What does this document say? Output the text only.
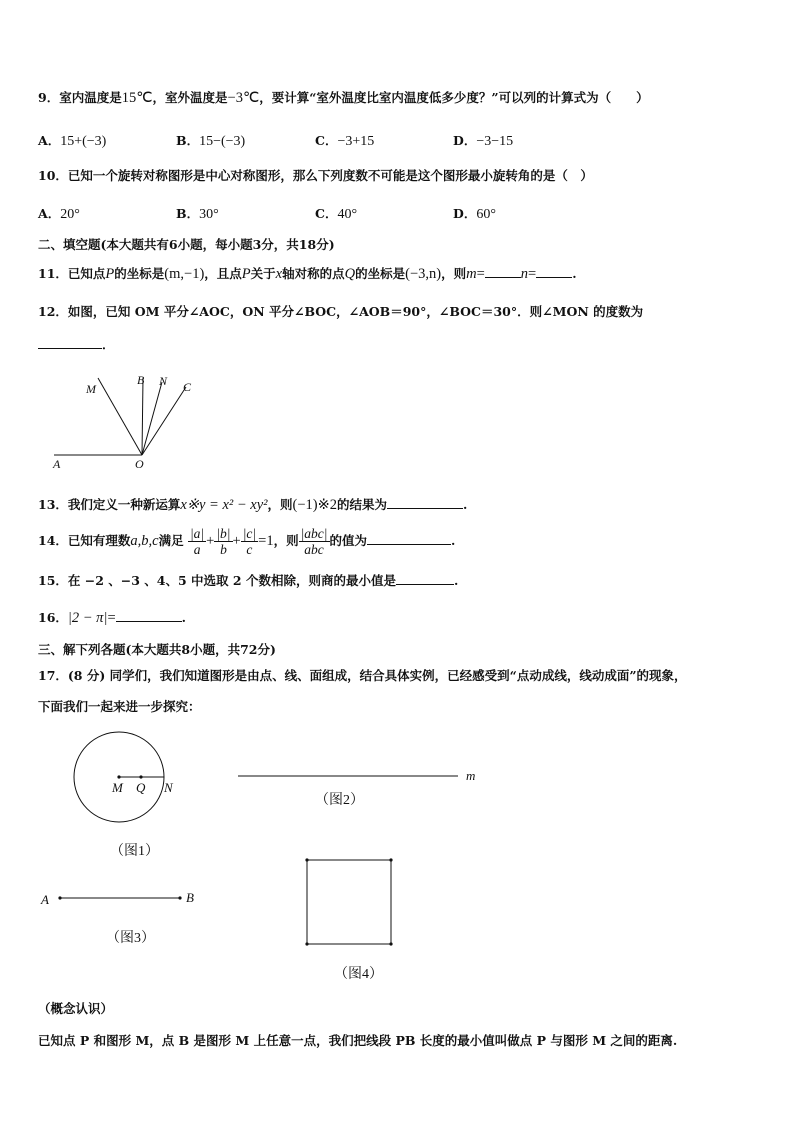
9．室内温度是15℃，室外温度是−3℃，要计算“室外温度比室内温度低多少度？”可以列的计算式为（　　）
A．15+(−3)	B．15−(−3)	C．−3+15	D．−3−15
10．已知一个旋转对称图形是中心对称图形，那么下列度数不可能是这个图形最小旋转角的是（　）
A．20°	B．30°	C．40°	D．60°
二、填空题(本大题共有6小题，每小题3分，共18分)
11．已知点P的坐标是(m,−1)，且点P关于x轴对称的点Q的坐标是(−3,n)，则m= n=	.
12．如图，已知 OM 平分∠AOC，ON 平分∠BOC，∠AOB＝90°，∠BOC＝30°．则∠MON 的度数为
．
M
B N C
A	O
13．我们定义一种新运算x※y = x² − xy²，则(−1)※2的结果为	.
14．已知有理数a,b,c满足 $\frac{|a|}{a} + \frac{|b|}{b} + \frac{|c|}{c} =1$，则 $\frac{\text{|abc|}}{\text{abc}}$ 的值为	.
15．在 −2 、−3 、4、5 中选取 2 个数相除，则商的最小值是	.
16．|2 − π|=	.
三、解下列各题(本大题共8小题，共72分)
17．(8 分) 同学们，我们知道图形是由点、线、面组成，结合具体实例，已经感受到“点动成线，线动成面”的现象，
下面我们一起来进一步探究：
M Q N
m
A	B
（图1）
（图2）
（图3）
（图4）
（概念认识）
已知点 P 和图形 M，点 B 是图形 M 上任意一点，我们把线段 PB 长度的最小值叫做点 P 与图形 M 之间的距离.
